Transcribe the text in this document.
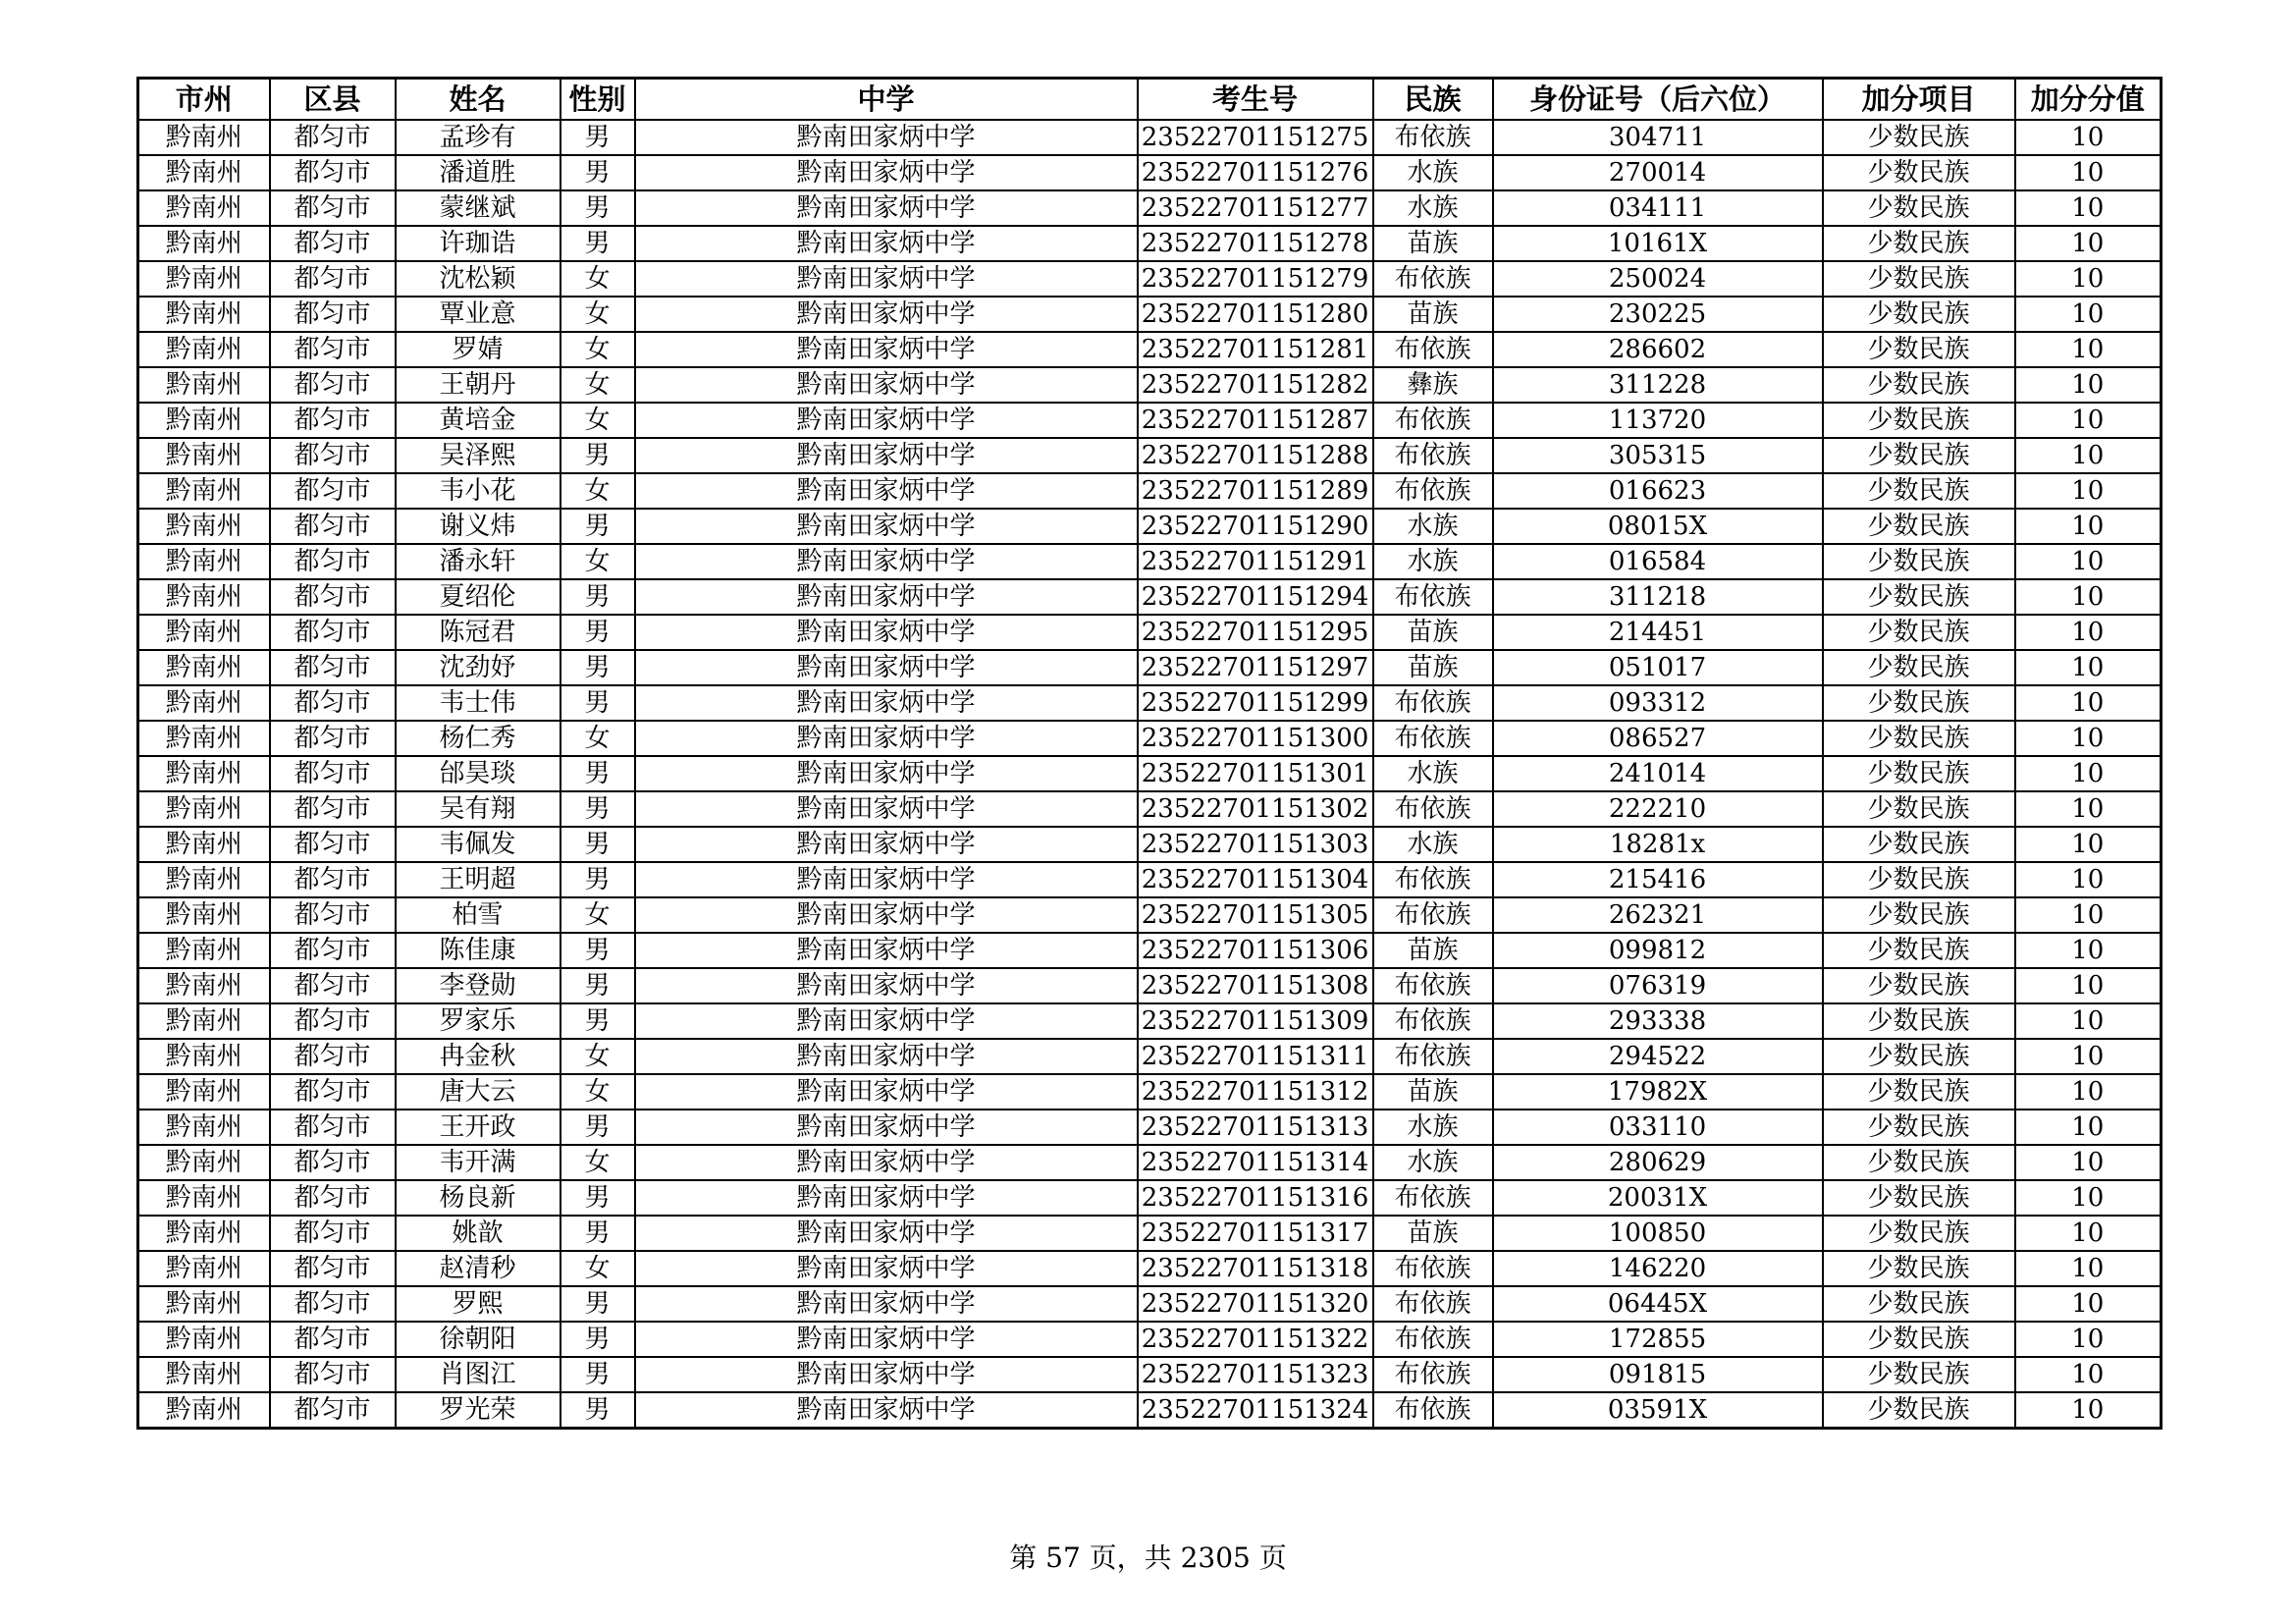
市州	区县	姓名	性别	中学	考生号	民族	身份证号（后六位）	加分项目	加分分值
黔南州	都匀市	孟珍有	男	黔南田家炳中学	23522701151275	布依族	304711	少数民族	10
黔南州	都匀市	潘道胜	男	黔南田家炳中学	23522701151276	水族	270014	少数民族	10
黔南州	都匀市	蒙继斌	男	黔南田家炳中学	23522701151277	水族	034111	少数民族	10
黔南州	都匀市	许珈诰	男	黔南田家炳中学	23522701151278	苗族	10161X	少数民族	10
黔南州	都匀市	沈松颖	女	黔南田家炳中学	23522701151279	布依族	250024	少数民族	10
黔南州	都匀市	覃业意	女	黔南田家炳中学	23522701151280	苗族	230225	少数民族	10
黔南州	都匀市	罗婧	女	黔南田家炳中学	23522701151281	布依族	286602	少数民族	10
黔南州	都匀市	王朝丹	女	黔南田家炳中学	23522701151282	彝族	311228	少数民族	10
黔南州	都匀市	黄培金	女	黔南田家炳中学	23522701151287	布依族	113720	少数民族	10
黔南州	都匀市	吴泽熙	男	黔南田家炳中学	23522701151288	布依族	305315	少数民族	10
黔南州	都匀市	韦小花	女	黔南田家炳中学	23522701151289	布依族	016623	少数民族	10
黔南州	都匀市	谢义炜	男	黔南田家炳中学	23522701151290	水族	08015X	少数民族	10
黔南州	都匀市	潘永轩	女	黔南田家炳中学	23522701151291	水族	016584	少数民族	10
黔南州	都匀市	夏绍伦	男	黔南田家炳中学	23522701151294	布依族	311218	少数民族	10
黔南州	都匀市	陈冠君	男	黔南田家炳中学	23522701151295	苗族	214451	少数民族	10
黔南州	都匀市	沈劲妤	男	黔南田家炳中学	23522701151297	苗族	051017	少数民族	10
黔南州	都匀市	韦士伟	男	黔南田家炳中学	23522701151299	布依族	093312	少数民族	10
黔南州	都匀市	杨仁秀	女	黔南田家炳中学	23522701151300	布依族	086527	少数民族	10
黔南州	都匀市	邰昊琰	男	黔南田家炳中学	23522701151301	水族	241014	少数民族	10
黔南州	都匀市	吴有翔	男	黔南田家炳中学	23522701151302	布依族	222210	少数民族	10
黔南州	都匀市	韦佩发	男	黔南田家炳中学	23522701151303	水族	18281x	少数民族	10
黔南州	都匀市	王明超	男	黔南田家炳中学	23522701151304	布依族	215416	少数民族	10
黔南州	都匀市	柏雪	女	黔南田家炳中学	23522701151305	布依族	262321	少数民族	10
黔南州	都匀市	陈佳康	男	黔南田家炳中学	23522701151306	苗族	099812	少数民族	10
黔南州	都匀市	李登勋	男	黔南田家炳中学	23522701151308	布依族	076319	少数民族	10
黔南州	都匀市	罗家乐	男	黔南田家炳中学	23522701151309	布依族	293338	少数民族	10
黔南州	都匀市	冉金秋	女	黔南田家炳中学	23522701151311	布依族	294522	少数民族	10
黔南州	都匀市	唐大云	女	黔南田家炳中学	23522701151312	苗族	17982X	少数民族	10
黔南州	都匀市	王开政	男	黔南田家炳中学	23522701151313	水族	033110	少数民族	10
黔南州	都匀市	韦开满	女	黔南田家炳中学	23522701151314	水族	280629	少数民族	10
黔南州	都匀市	杨良新	男	黔南田家炳中学	23522701151316	布依族	20031X	少数民族	10
黔南州	都匀市	姚歆	男	黔南田家炳中学	23522701151317	苗族	100850	少数民族	10
黔南州	都匀市	赵清秒	女	黔南田家炳中学	23522701151318	布依族	146220	少数民族	10
黔南州	都匀市	罗熙	男	黔南田家炳中学	23522701151320	布依族	06445X	少数民族	10
黔南州	都匀市	徐朝阳	男	黔南田家炳中学	23522701151322	布依族	172855	少数民族	10
黔南州	都匀市	肖图江	男	黔南田家炳中学	23522701151323	布依族	091815	少数民族	10
黔南州	都匀市	罗光荣	男	黔南田家炳中学	23522701151324	布依族	03591X	少数民族	10
第 57 页，共 2305 页
